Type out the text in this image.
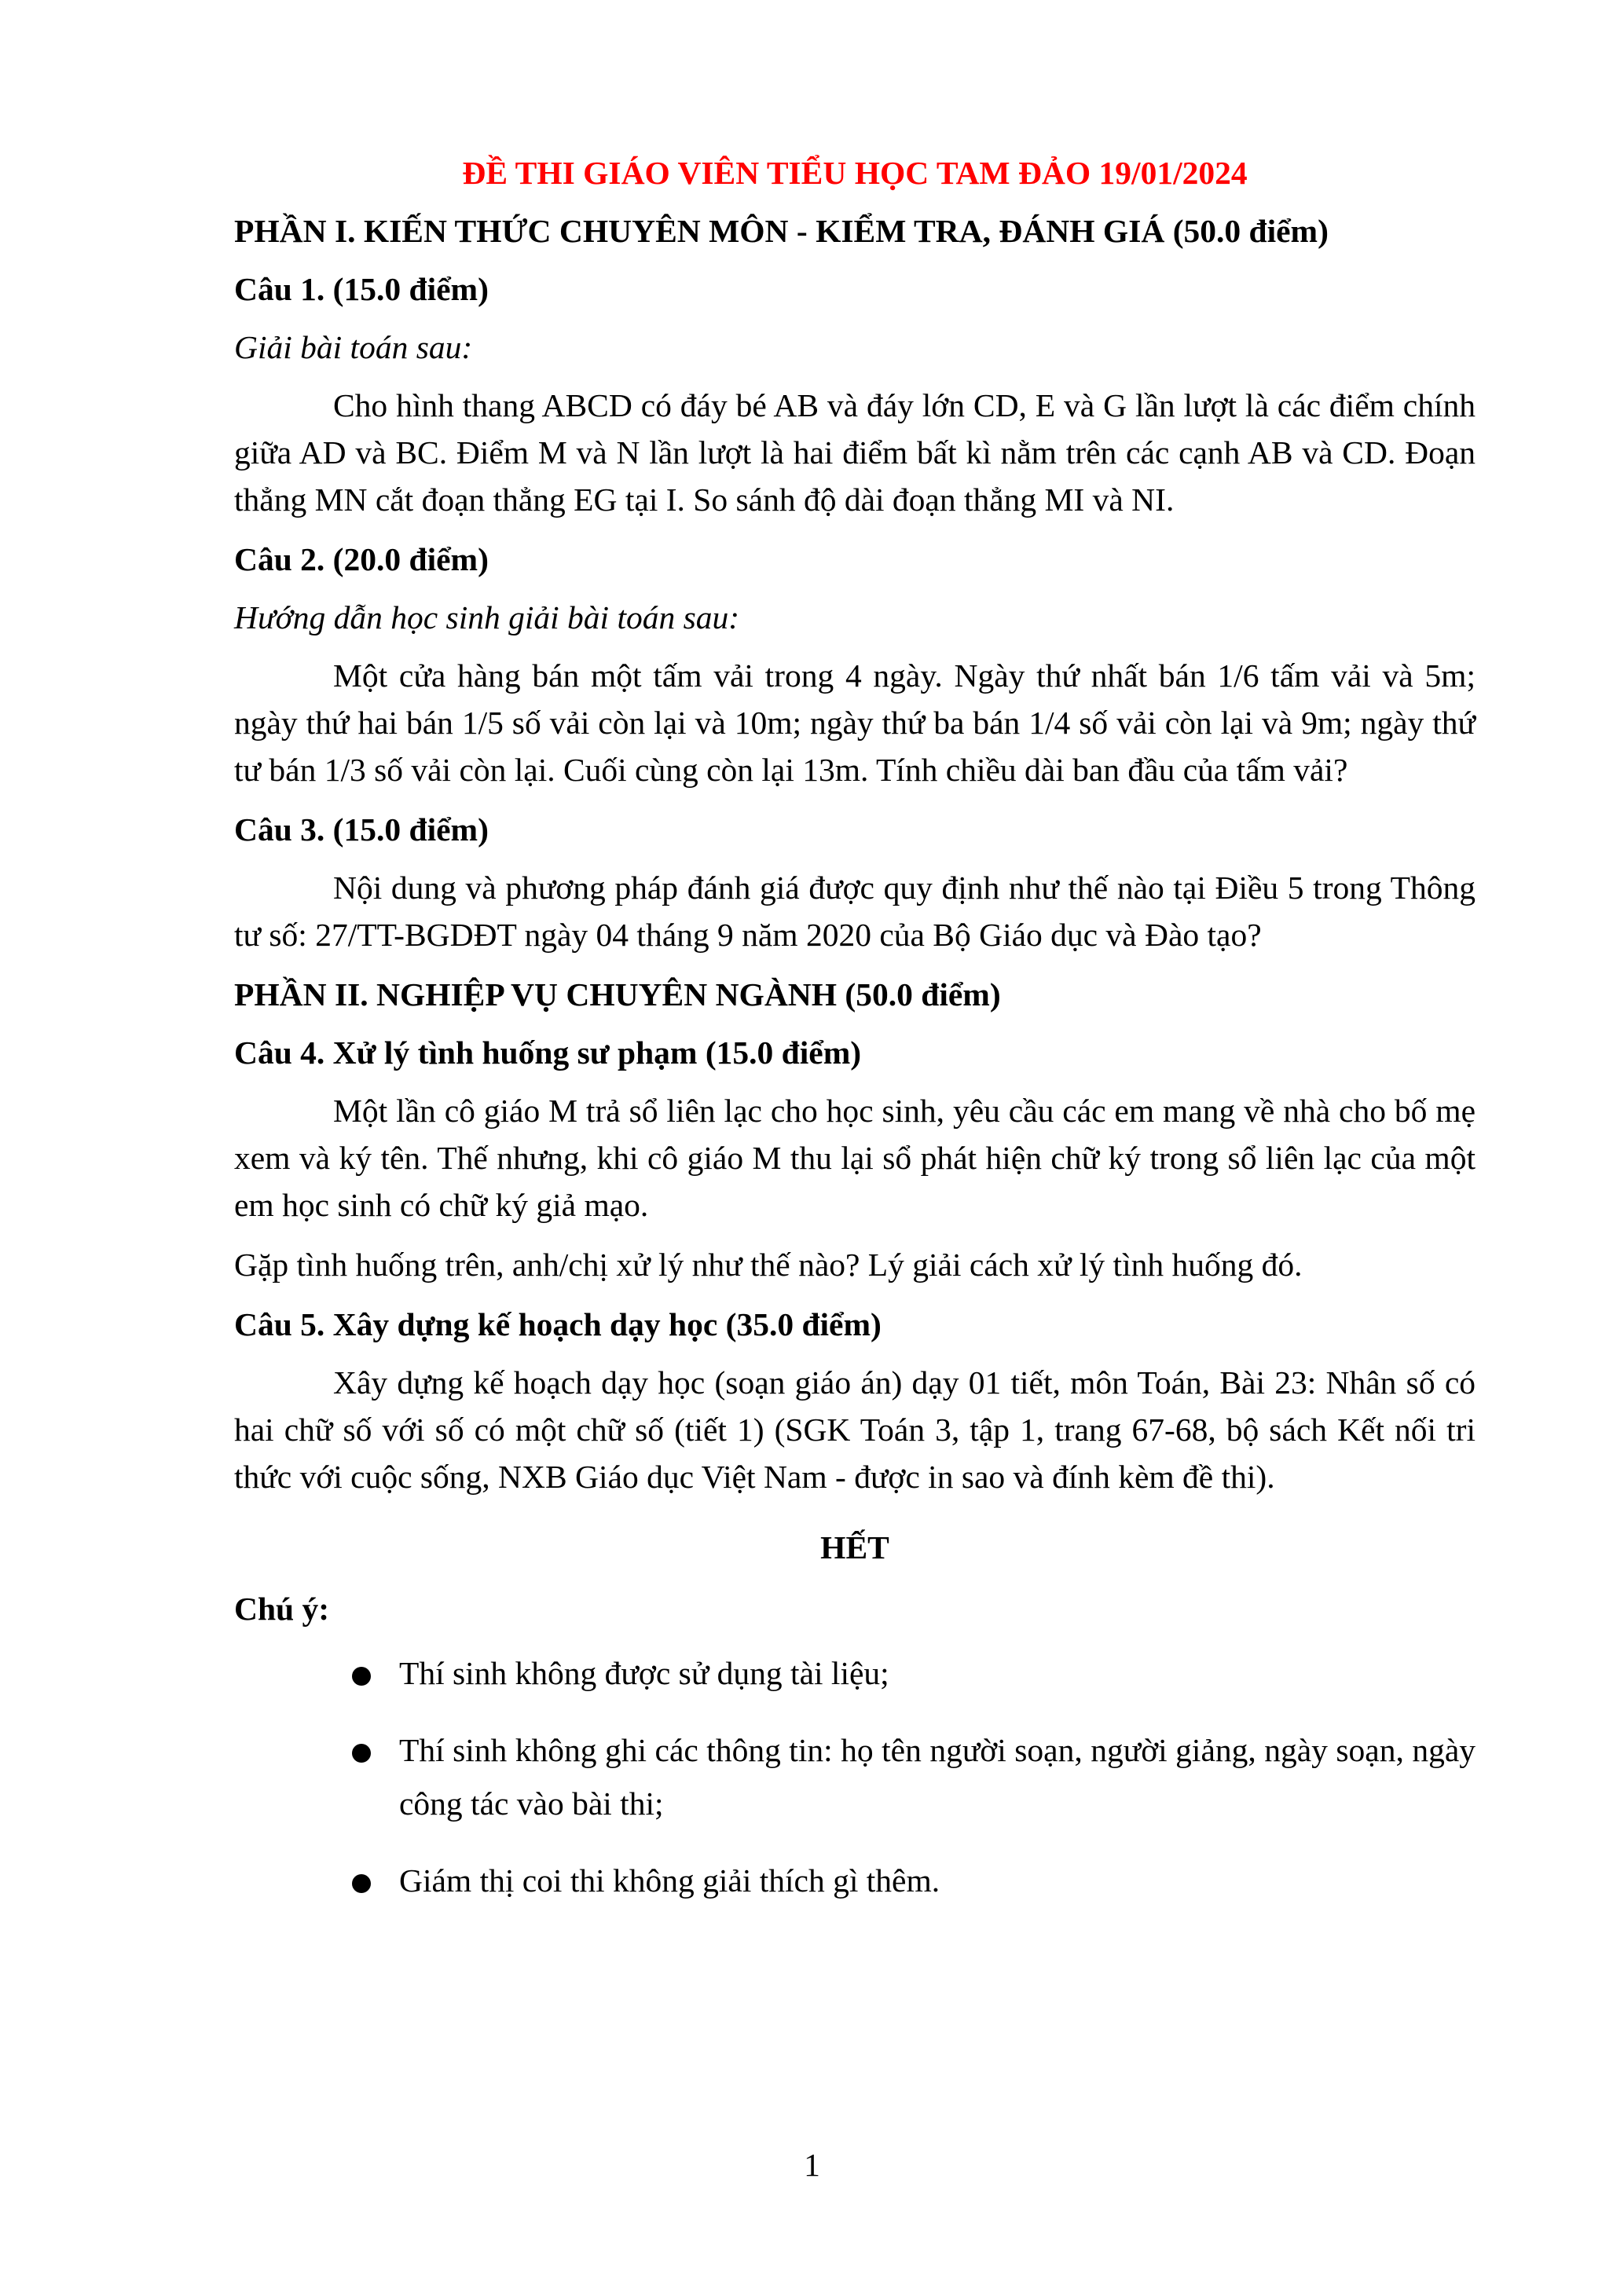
ĐỀ THI GIÁO VIÊN TIỂU HỌC TAM ĐẢO 19/01/2024
PHẦN I. KIẾN THỨC CHUYÊN MÔN - KIỂM TRA, ĐÁNH GIÁ (50.0 điểm)
Câu 1. (15.0 điểm)
Giải bài toán sau:
Cho hình thang ABCD có đáy bé AB và đáy lớn CD, E và G lần lượt là các điểm chính giữa AD và BC. Điểm M và N lần lượt là hai điểm bất kì nằm trên các cạnh AB và CD. Đoạn thẳng MN cắt đoạn thẳng EG tại I. So sánh độ dài đoạn thẳng MI và NI.
Câu 2. (20.0 điểm)
Hướng dẫn học sinh giải bài toán sau:
Một cửa hàng bán một tấm vải trong 4 ngày. Ngày thứ nhất bán 1/6 tấm vải và 5m; ngày thứ hai bán 1/5 số vải còn lại và 10m; ngày thứ ba bán 1/4 số vải còn lại và 9m; ngày thứ tư bán 1/3 số vải còn lại. Cuối cùng còn lại 13m. Tính chiều dài ban đầu của tấm vải?
Câu 3. (15.0 điểm)
Nội dung và phương pháp đánh giá được quy định như thế nào tại Điều 5 trong Thông tư số: 27/TT-BGDĐT ngày 04 tháng 9 năm 2020 của Bộ Giáo dục và Đào tạo?
PHẦN II. NGHIỆP VỤ CHUYÊN NGÀNH (50.0 điểm)
Câu 4. Xử lý tình huống sư phạm (15.0 điểm)
Một lần cô giáo M trả sổ liên lạc cho học sinh, yêu cầu các em mang về nhà cho bố mẹ xem và ký tên. Thế nhưng, khi cô giáo M thu lại sổ phát hiện chữ ký trong sổ liên lạc của một em học sinh có chữ ký giả mạo.
Gặp tình huống trên, anh/chị xử lý như thế nào? Lý giải cách xử lý tình huống đó.
Câu 5. Xây dựng kế hoạch dạy học (35.0 điểm)
Xây dựng kế hoạch dạy học (soạn giáo án) dạy 01 tiết, môn Toán, Bài 23: Nhân số có hai chữ số với số có một chữ số (tiết 1) (SGK Toán 3, tập 1, trang 67-68, bộ sách Kết nối tri thức với cuộc sống, NXB Giáo dục Việt Nam - được in sao và đính kèm đề thi).
HẾT
Chú ý:
Thí sinh không được sử dụng tài liệu;
Thí sinh không ghi các thông tin: họ tên người soạn, người giảng, ngày soạn, ngày công tác vào bài thi;
Giám thị coi thi không giải thích gì thêm.
1
